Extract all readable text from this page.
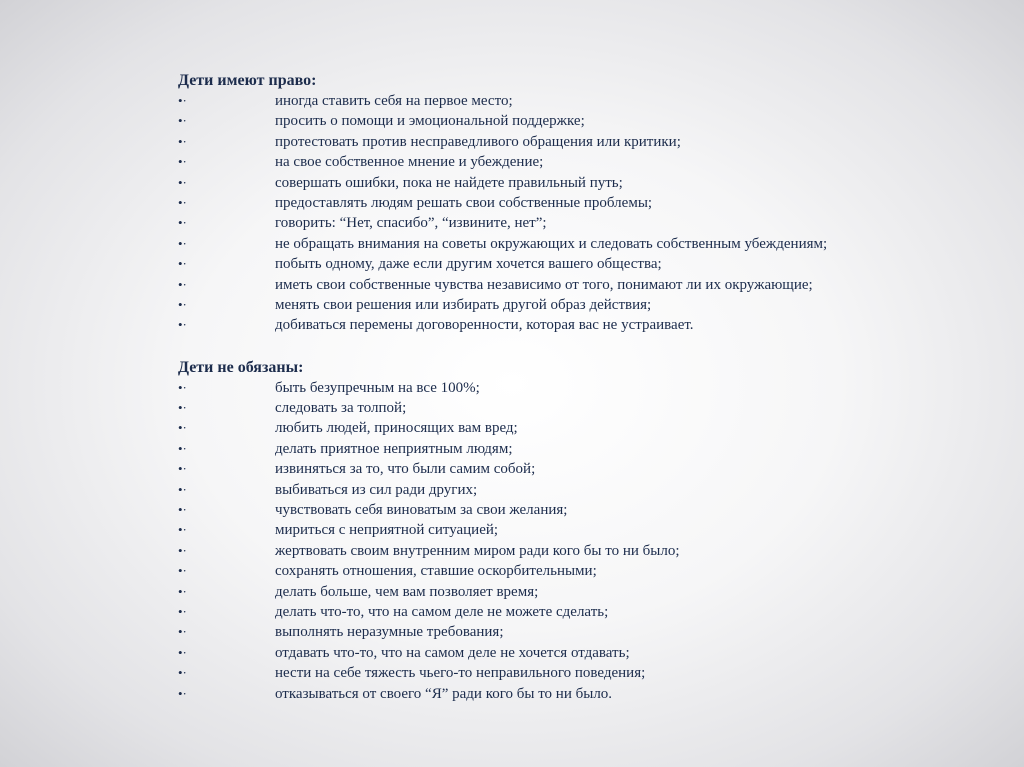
Дети имеют право:
•·	иногда ставить себя на первое место;
•·	просить о помощи и эмоциональной поддержке;
•·	протестовать против несправедливого обращения или критики;
•·	на свое собственное мнение и убеждение;
•·	совершать ошибки, пока не найдете правильный путь;
•·	предоставлять людям решать свои собственные проблемы;
•·	говорить: “Нет, спасибо”, “извините, нет”;
•·	не обращать внимания на советы окружающих и следовать собственным убеждениям;
•·	побыть одному, даже если другим хочется вашего общества;
•·	иметь свои собственные чувства независимо от того, понимают ли их окружающие;
•·	менять свои решения или избирать другой образ действия;
•·	добиваться перемены договоренности, которая вас не устраивает.
Дети не обязаны:
•·	быть безупречным на все 100%;
•·	следовать за толпой;
•·	любить людей, приносящих вам вред;
•·	делать приятное неприятным людям;
•·	извиняться за то, что были самим собой;
•·	выбиваться из сил ради других;
•·	чувствовать себя виноватым за свои желания;
•·	мириться с неприятной ситуацией;
•·	жертвовать своим внутренним миром ради кого бы то ни было;
•·	сохранять отношения, ставшие оскорбительными;
•·	делать больше, чем вам позволяет время;
•·	делать что-то, что на самом деле не можете сделать;
•·	выполнять неразумные требования;
•·	отдавать что-то, что на самом деле не хочется отдавать;
•·	нести на себе тяжесть чьего-то неправильного поведения;
•·	отказываться от своего “Я” ради кого бы то ни было.
